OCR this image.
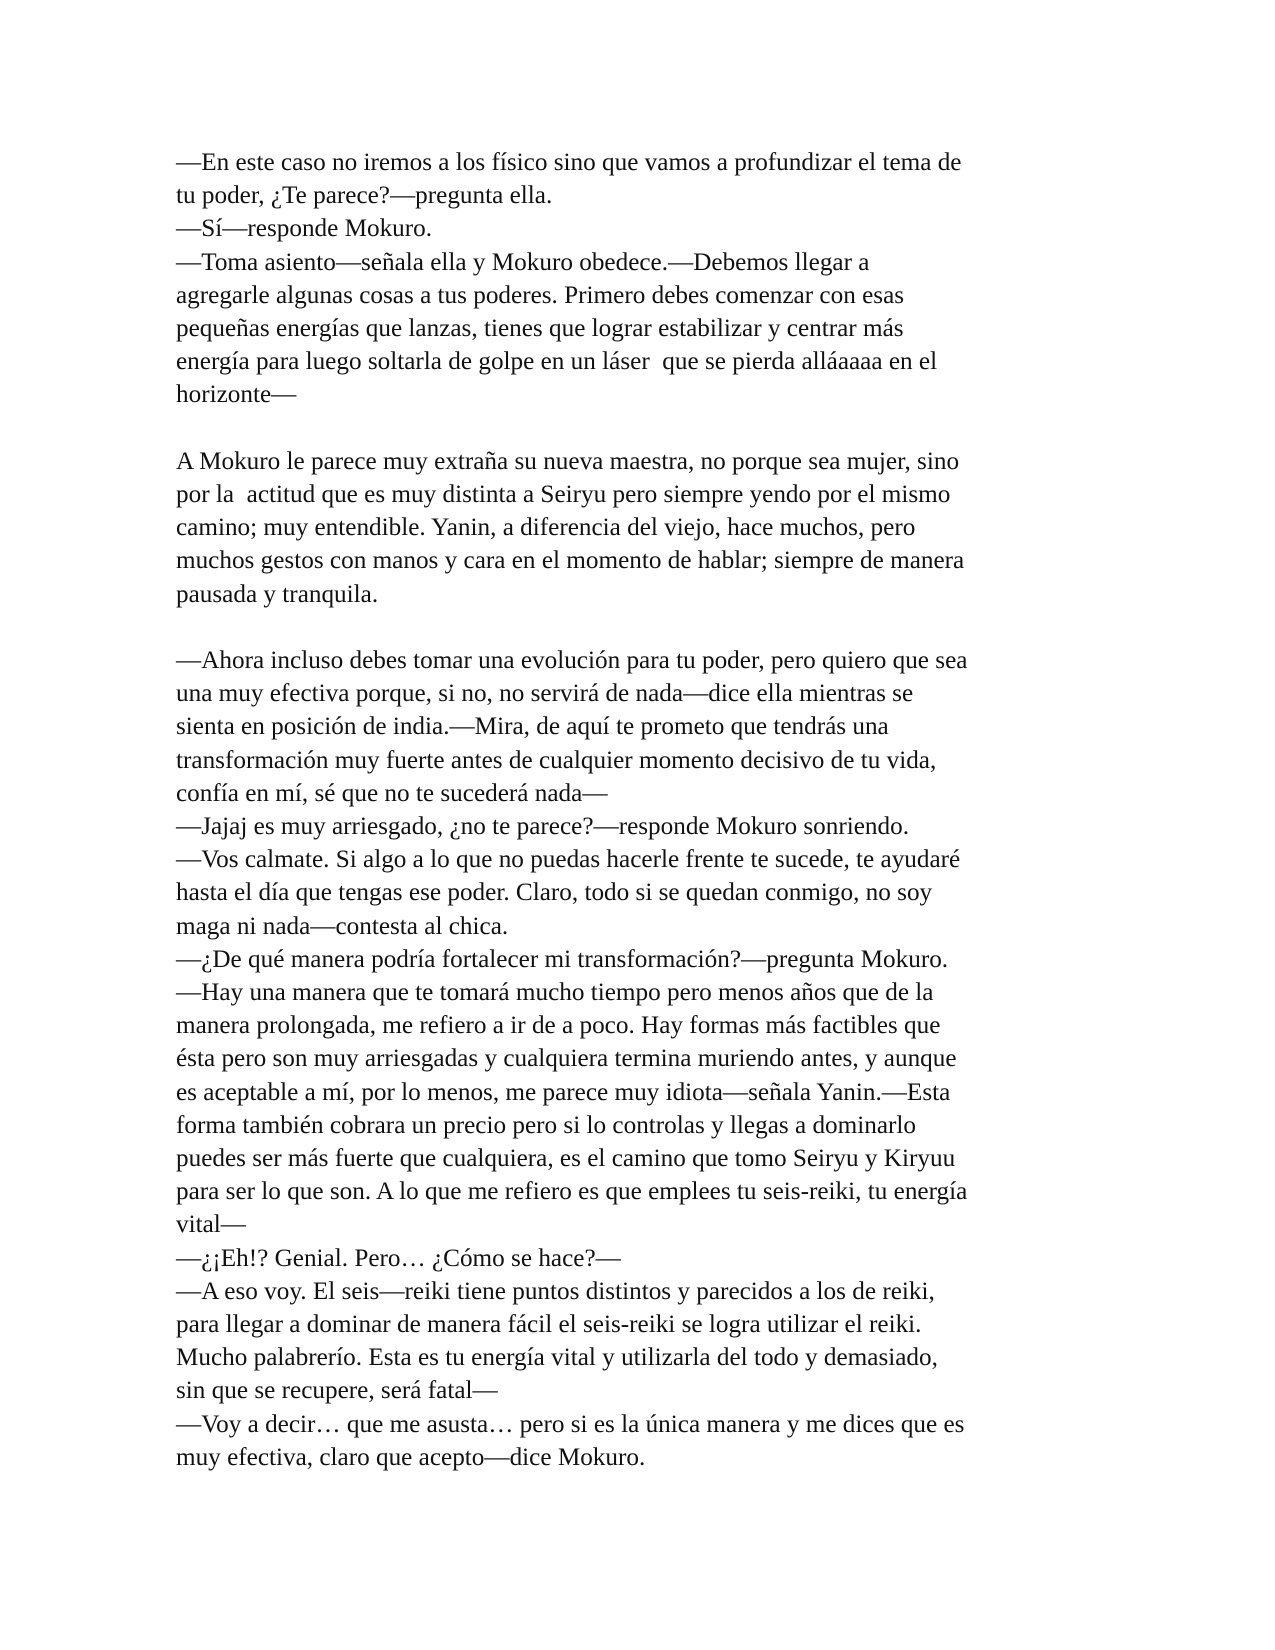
—En este caso no iremos a los físico sino que vamos a profundizar el tema de
tu poder, ¿Te parece?—pregunta ella.
—Sí—responde Mokuro.
—Toma asiento—señala ella y Mokuro obedece.—Debemos llegar a
agregarle algunas cosas a tus poderes. Primero debes comenzar con esas
pequeñas energías que lanzas, tienes que lograr estabilizar y centrar más
energía para luego soltarla de golpe en un láser  que se pierda alláaaaa en el
horizonte—
A Mokuro le parece muy extraña su nueva maestra, no porque sea mujer, sino
por la  actitud que es muy distinta a Seiryu pero siempre yendo por el mismo
camino; muy entendible. Yanin, a diferencia del viejo, hace muchos, pero
muchos gestos con manos y cara en el momento de hablar; siempre de manera
pausada y tranquila.
—Ahora incluso debes tomar una evolución para tu poder, pero quiero que sea
una muy efectiva porque, si no, no servirá de nada—dice ella mientras se
sienta en posición de india.—Mira, de aquí te prometo que tendrás una
transformación muy fuerte antes de cualquier momento decisivo de tu vida,
confía en mí, sé que no te sucederá nada—
—Jajaj es muy arriesgado, ¿no te parece?—responde Mokuro sonriendo.
—Vos calmate. Si algo a lo que no puedas hacerle frente te sucede, te ayudaré
hasta el día que tengas ese poder. Claro, todo si se quedan conmigo, no soy
maga ni nada—contesta al chica.
—¿De qué manera podría fortalecer mi transformación?—pregunta Mokuro.
—Hay una manera que te tomará mucho tiempo pero menos años que de la
manera prolongada, me refiero a ir de a poco. Hay formas más factibles que
ésta pero son muy arriesgadas y cualquiera termina muriendo antes, y aunque
es aceptable a mí, por lo menos, me parece muy idiota—señala Yanin.—Esta
forma también cobrara un precio pero si lo controlas y llegas a dominarlo
puedes ser más fuerte que cualquiera, es el camino que tomo Seiryu y Kiryuu
para ser lo que son. A lo que me refiero es que emplees tu seis-reiki, tu energía
vital—
—¿¡Eh!? Genial. Pero… ¿Cómo se hace?—
—A eso voy. El seis—reiki tiene puntos distintos y parecidos a los de reiki,
para llegar a dominar de manera fácil el seis-reiki se logra utilizar el reiki.
Mucho palabrerío. Esta es tu energía vital y utilizarla del todo y demasiado,
sin que se recupere, será fatal—
—Voy a decir… que me asusta… pero si es la única manera y me dices que es
muy efectiva, claro que acepto—dice Mokuro.
